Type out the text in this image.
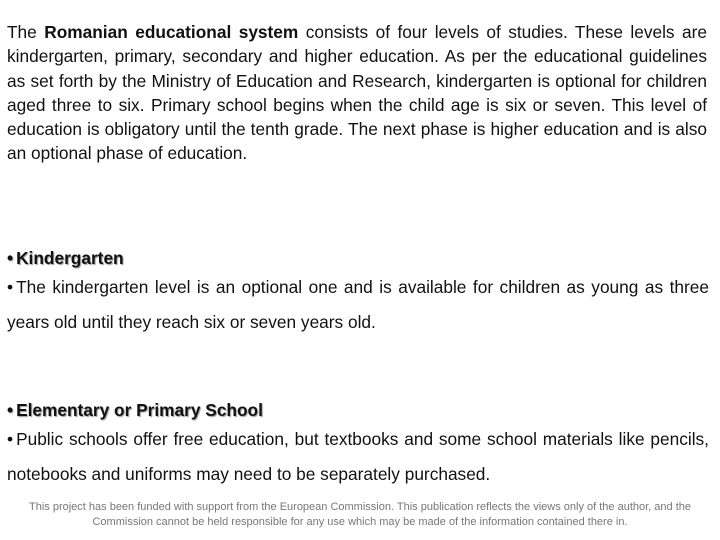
The Romanian educational system consists of four levels of studies. These levels are kindergarten, primary, secondary and higher education. As per the educational guidelines as set forth by the Ministry of Education and Research, kindergarten is optional for children aged three to six. Primary school begins when the child age is six or seven. This level of education is obligatory until the tenth grade. The next phase is higher education and is also an optional phase of education.

• Kindergarten
• The kindergarten level is an optional one and is available for children as young as three years old until they reach six or seven years old.
• Elementary or Primary School
• Public schools offer free education, but textbooks and some school materials like pencils, notebooks and uniforms may need to be separately purchased.

This project has been funded with support from the European Commission. This publication reflects the views only of the author, and the Commission cannot be held responsible for any use which may be made of the information contained there in.
